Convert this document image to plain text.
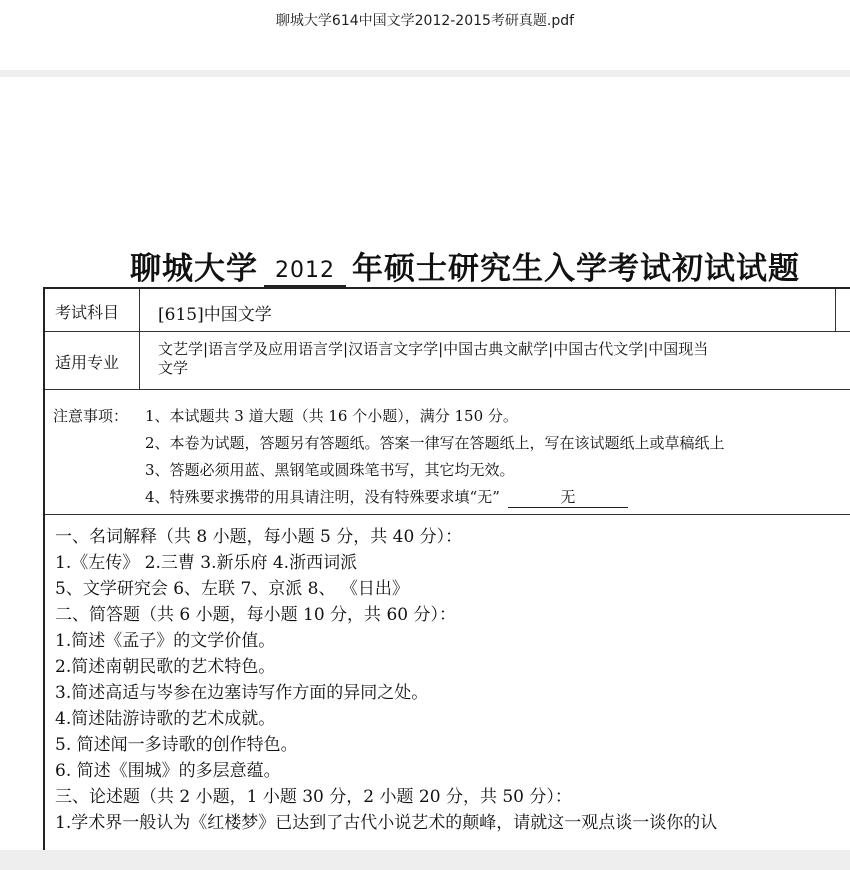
聊城大学614中国文学2012-2015考研真题.pdf
聊城大学 2012 年硕士研究生入学考试初试试题
考试科目 [615]中国文学
适用专业
文艺学|语言学及应用语言学|汉语言文字学|中国古典文献学|中国古代文学|中国现当
文学
注意事项： 1、本试题共 3 道大题（共 16 个小题），满分 150 分。
2、本卷为试题，答题另有答题纸。答案一律写在答题纸上，写在该试题纸上或草稿纸上
3、答题必须用蓝、黑钢笔或圆珠笔书写，其它均无效。
4、特殊要求携带的用具请注明，没有特殊要求填“无”	无
一、名词解释（共 8 小题，每小题 5 分，共 40 分）：
1.《左传》 2.三曹 3.新乐府 4.浙西词派
5、文学研究会 6、左联 7、京派 8、 《日出》
二、简答题（共 6 小题，每小题 10 分，共 60 分）：
1.简述《孟子》的文学价值。
2.简述南朝民歌的艺术特色。
3.简述高适与岑参在边塞诗写作方面的异同之处。
4.简述陆游诗歌的艺术成就。
5. 简述闻一多诗歌的创作特色。
6. 简述《围城》的多层意蕴。
三、论述题（共 2 小题，1 小题 30 分，2 小题 20 分，共 50 分）：
1.学术界一般认为《红楼梦》已达到了古代小说艺术的颠峰，请就这一观点谈一谈你的认
